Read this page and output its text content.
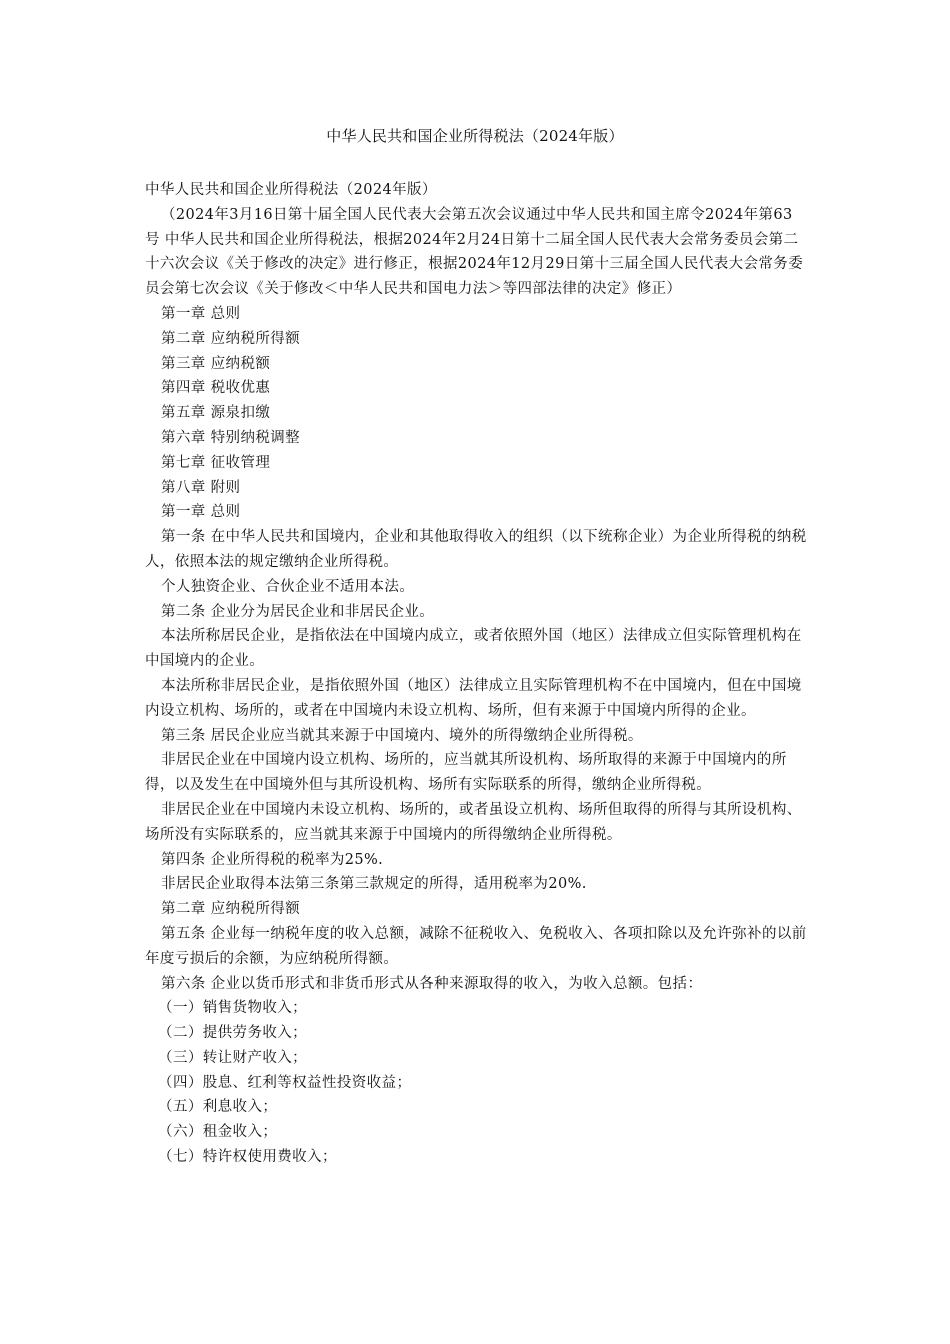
中华人民共和国企业所得税法（2024年版）

中华人民共和国企业所得税法（2024年版）

（2024年3月16日第十届全国人民代表大会第五次会议通过中华人民共和国主席令2024年第63号 中华人民共和国企业所得税法，根据2024年2月24日第十二届全国人民代表大会常务委员会第二十六次会议《关于修改的决定》进行修正，根据2024年12月29日第十三届全国人民代表大会常务委员会第七次会议《关于修改＜中华人民共和国电力法＞等四部法律的决定》修正）

第一章 总则

第二章 应纳税所得额

第三章 应纳税额

第四章 税收优惠

第五章 源泉扣缴

第六章 特别纳税调整

第七章 征收管理

第八章 附则

第一章 总则

第一条 在中华人民共和国境内，企业和其他取得收入的组织（以下统称企业）为企业所得税的纳税人，依照本法的规定缴纳企业所得税。

个人独资企业、合伙企业不适用本法。

第二条 企业分为居民企业和非居民企业。

本法所称居民企业，是指依法在中国境内成立，或者依照外国（地区）法律成立但实际管理机构在中国境内的企业。

本法所称非居民企业，是指依照外国（地区）法律成立且实际管理机构不在中国境内，但在中国境内设立机构、场所的，或者在中国境内未设立机构、场所，但有来源于中国境内所得的企业。

第三条 居民企业应当就其来源于中国境内、境外的所得缴纳企业所得税。

非居民企业在中国境内设立机构、场所的，应当就其所设机构、场所取得的来源于中国境内的所得，以及发生在中国境外但与其所设机构、场所有实际联系的所得，缴纳企业所得税。

非居民企业在中国境内未设立机构、场所的，或者虽设立机构、场所但取得的所得与其所设机构、场所没有实际联系的，应当就其来源于中国境内的所得缴纳企业所得税。

第四条 企业所得税的税率为25%.

非居民企业取得本法第三条第三款规定的所得，适用税率为20%.

第二章 应纳税所得额

第五条 企业每一纳税年度的收入总额，减除不征税收入、免税收入、各项扣除以及允许弥补的以前年度亏损后的余额，为应纳税所得额。

第六条 企业以货币形式和非货币形式从各种来源取得的收入，为收入总额。包括：

（一）销售货物收入；

（二）提供劳务收入；

（三）转让财产收入；

（四）股息、红利等权益性投资收益；

（五）利息收入；

（六）租金收入；

（七）特许权使用费收入；
